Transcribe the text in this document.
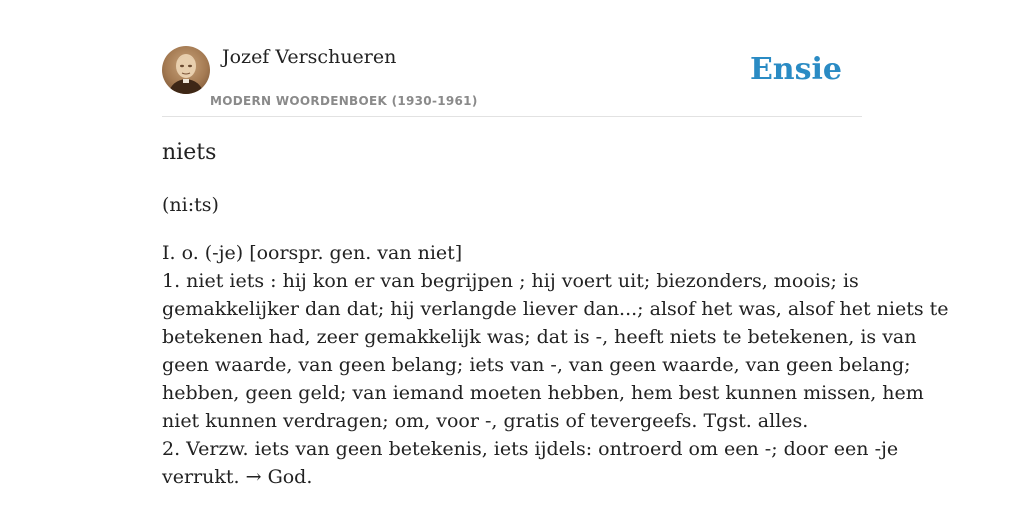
Jozef Verschueren
MODERN WOORDENBOEK (1930-1961)
Ensie
niets
(ni:ts)
I. o. (-je) [oorspr. gen. van niet]
1. niet iets : hij kon er van begrijpen ; hij voert uit; biezonders, moois; is
gemakkelijker dan dat; hij verlangde liever dan...; alsof het was, alsof het niets te
betekenen had, zeer gemakkelijk was; dat is -, heeft niets te betekenen, is van
geen waarde, van geen belang; iets van -, van geen waarde, van geen belang;
hebben, geen geld; van iemand moeten hebben, hem best kunnen missen, hem
niet kunnen verdragen; om, voor -, gratis of tevergeefs. Tgst. alles.
2. Verzw. iets van geen betekenis, iets ijdels: ontroerd om een -; door een -je
verrukt. → God.
